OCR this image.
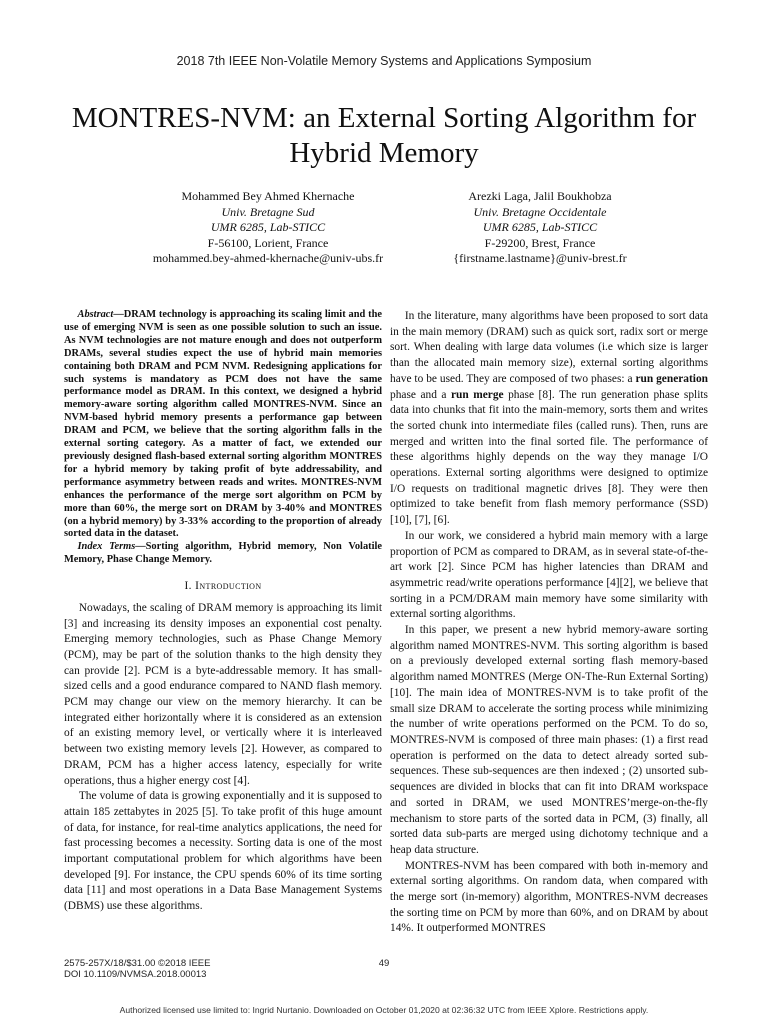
2018 7th IEEE Non-Volatile Memory Systems and Applications Symposium
MONTRES-NVM: an External Sorting Algorithm for Hybrid Memory
Mohammed Bey Ahmed Khernache
Univ. Bretagne Sud
UMR 6285, Lab-STICC
F-56100, Lorient, France
mohammed.bey-ahmed-khernache@univ-ubs.fr
Arezki Laga, Jalil Boukhobza
Univ. Bretagne Occidentale
UMR 6285, Lab-STICC
F-29200, Brest, France
{firstname.lastname}@univ-brest.fr

Abstract—DRAM technology is approaching its scaling limit and the use of emerging NVM is seen as one possible solution to such an issue. As NVM technologies are not mature enough and does not outperform DRAMs, several studies expect the use of hybrid main memories containing both DRAM and PCM NVM. Redesigning applications for such systems is mandatory as PCM does not have the same performance model as DRAM. In this context, we designed a hybrid memory-aware sorting algorithm called MONTRES-NVM. Since an NVM-based hybrid memory presents a performance gap between DRAM and PCM, we believe that the sorting algorithm falls in the external sorting category. As a matter of fact, we extended our previously designed flash-based external sorting algorithm MONTRES for a hybrid memory by taking profit of byte addressability, and performance asymmetry between reads and writes. MONTRES-NVM enhances the performance of the merge sort algorithm on PCM by more than 60%, the merge sort on DRAM by 3-40% and MONTRES (on a hybrid memory) by 3-33% according to the proportion of already sorted data in the dataset.

Index Terms—Sorting algorithm, Hybrid memory, Non Volatile Memory, Phase Change Memory.

I. Introduction

Nowadays, the scaling of DRAM memory is approaching its limit [3] and increasing its density imposes an exponential cost penalty. Emerging memory technologies, such as Phase Change Memory (PCM), may be part of the solution thanks to the high density they can provide [2]. PCM is a byte-addressable memory. It has small-sized cells and a good endurance compared to NAND flash memory. PCM may change our view on the memory hierarchy. It can be integrated either horizontally where it is considered as an extension of an existing memory level, or vertically where it is interleaved between two existing memory levels [2]. However, as compared to DRAM, PCM has a higher access latency, especially for write operations, thus a higher energy cost [4].

The volume of data is growing exponentially and it is supposed to attain 185 zettabytes in 2025 [5]. To take profit of this huge amount of data, for instance, for real-time analytics applications, the need for fast processing becomes a necessity. Sorting data is one of the most important computational problem for which algorithms have been developed [9]. For instance, the CPU spends 60% of its time sorting data [11] and most operations in a Data Base Management Systems (DBMS) use these algorithms.

In the literature, many algorithms have been proposed to sort data in the main memory (DRAM) such as quick sort, radix sort or merge sort. When dealing with large data volumes (i.e which size is larger than the allocated main memory size), external sorting algorithms have to be used. They are composed of two phases: a run generation phase and a run merge phase [8]. The run generation phase splits data into chunks that fit into the main-memory, sorts them and writes the sorted chunk into intermediate files (called runs). Then, runs are merged and written into the final sorted file. The performance of these algorithms highly depends on the way they manage I/O operations. External sorting algorithms were designed to optimize I/O requests on traditional magnetic drives [8]. They were then optimized to take benefit from flash memory performance (SSD) [10], [7], [6].

In our work, we considered a hybrid main memory with a large proportion of PCM as compared to DRAM, as in several state-of-the-art work [2]. Since PCM has higher latencies than DRAM and asymmetric read/write operations performance [4][2], we believe that sorting in a PCM/DRAM main memory have some similarity with external sorting algorithms.

In this paper, we present a new hybrid memory-aware sorting algorithm named MONTRES-NVM. This sorting algorithm is based on a previously developed external sorting flash memory-based algorithm named MONTRES (Merge ON-The-Run External Sorting) [10]. The main idea of MONTRES-NVM is to take profit of the small size DRAM to accelerate the sorting process while minimizing the number of write operations performed on the PCM. To do so, MONTRES-NVM is composed of three main phases: (1) a first read operation is performed on the data to detect already sorted sub-sequences. These sub-sequences are then indexed ; (2) unsorted sub-sequences are divided in blocks that can fit into DRAM workspace and sorted in DRAM, we used MONTRES’merge-on-the-fly mechanism to store parts of the sorted data in PCM, (3) finally, all sorted data sub-parts are merged using dichotomy technique and a heap data structure.

MONTRES-NVM has been compared with both in-memory and external sorting algorithms. On random data, when compared with the merge sort (in-memory) algorithm, MONTRES-NVM decreases the sorting time on PCM by more than 60%, and on DRAM by about 14%. It outperformed MONTRES

2575-257X/18/$31.00 ©2018 IEEE
DOI 10.1109/NVMSA.2018.00013
49
Authorized licensed use limited to: Ingrid Nurtanio. Downloaded on October 01,2020 at 02:36:32 UTC from IEEE Xplore. Restrictions apply.
